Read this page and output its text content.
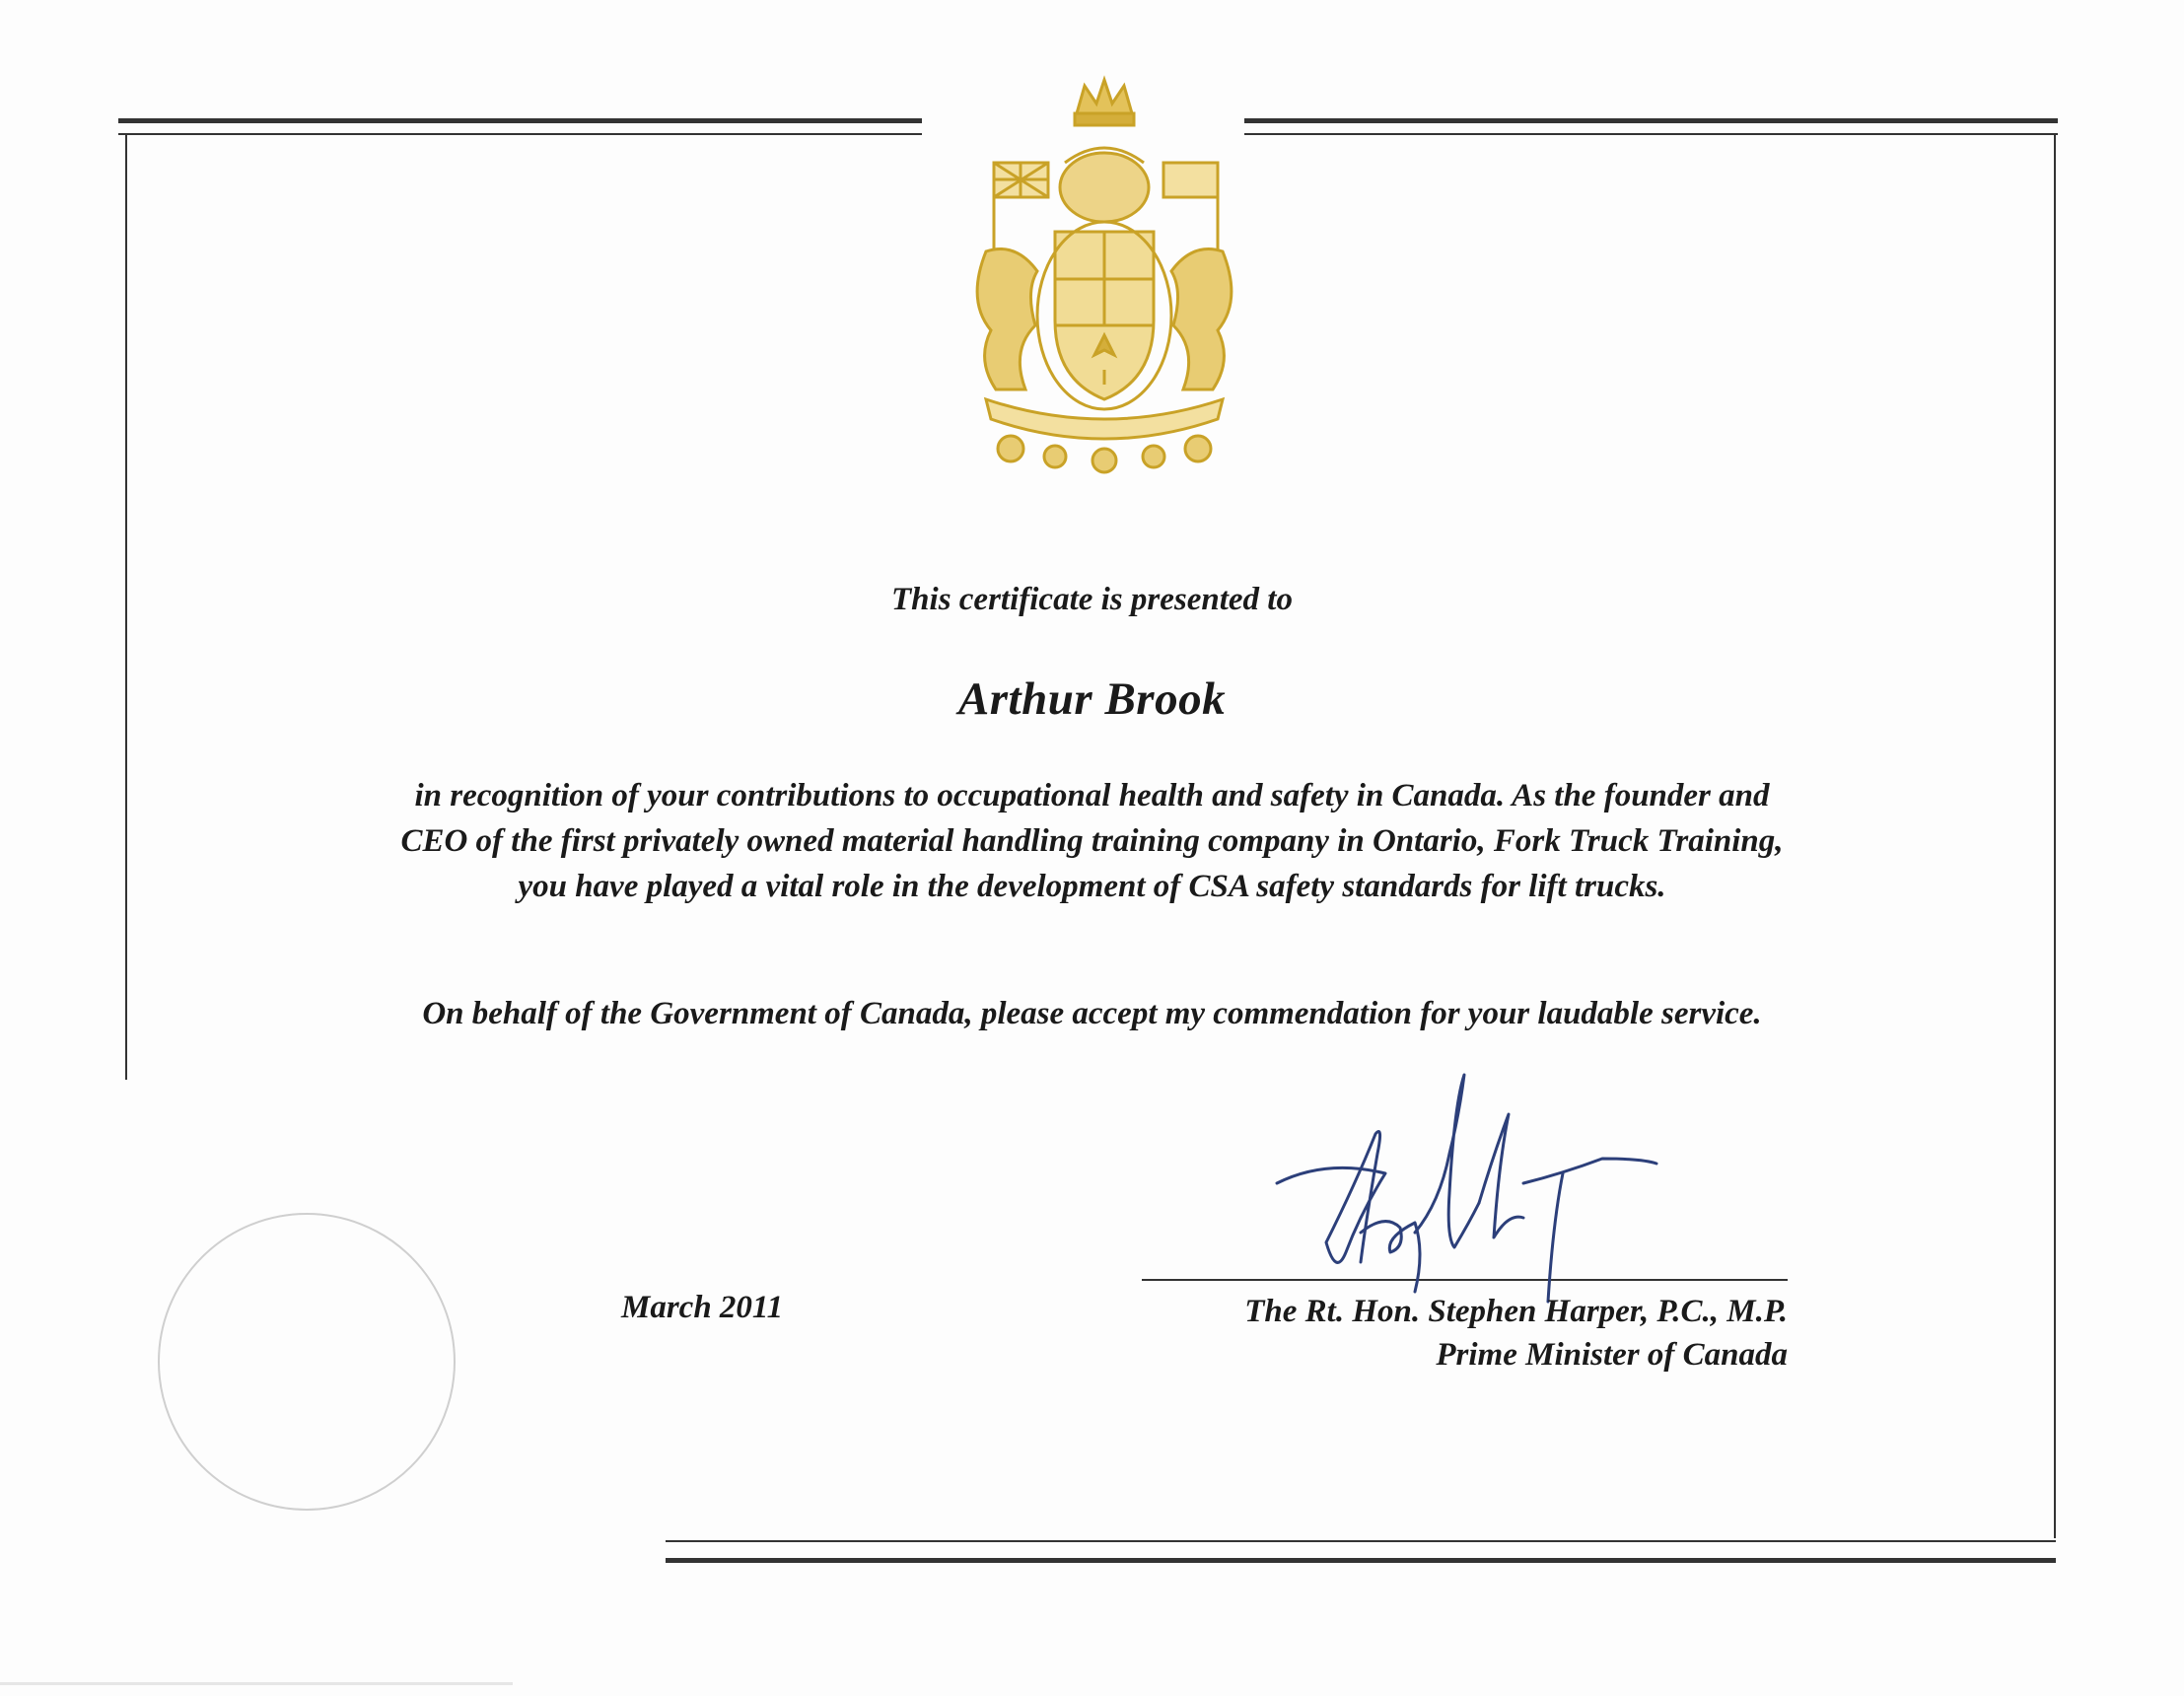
This certificate is presented to
Arthur Brook
in recognition of your contributions to occupational health and safety in Canada. As the founder and CEO of the first privately owned material handling training company in Ontario, Fork Truck Training, you have played a vital role in the development of CSA safety standards for lift trucks.
On behalf of the Government of Canada, please accept my commendation for your laudable service.
March 2011	The Rt. Hon. Stephen Harper, P.C., M.P.
Prime Minister of Canada
